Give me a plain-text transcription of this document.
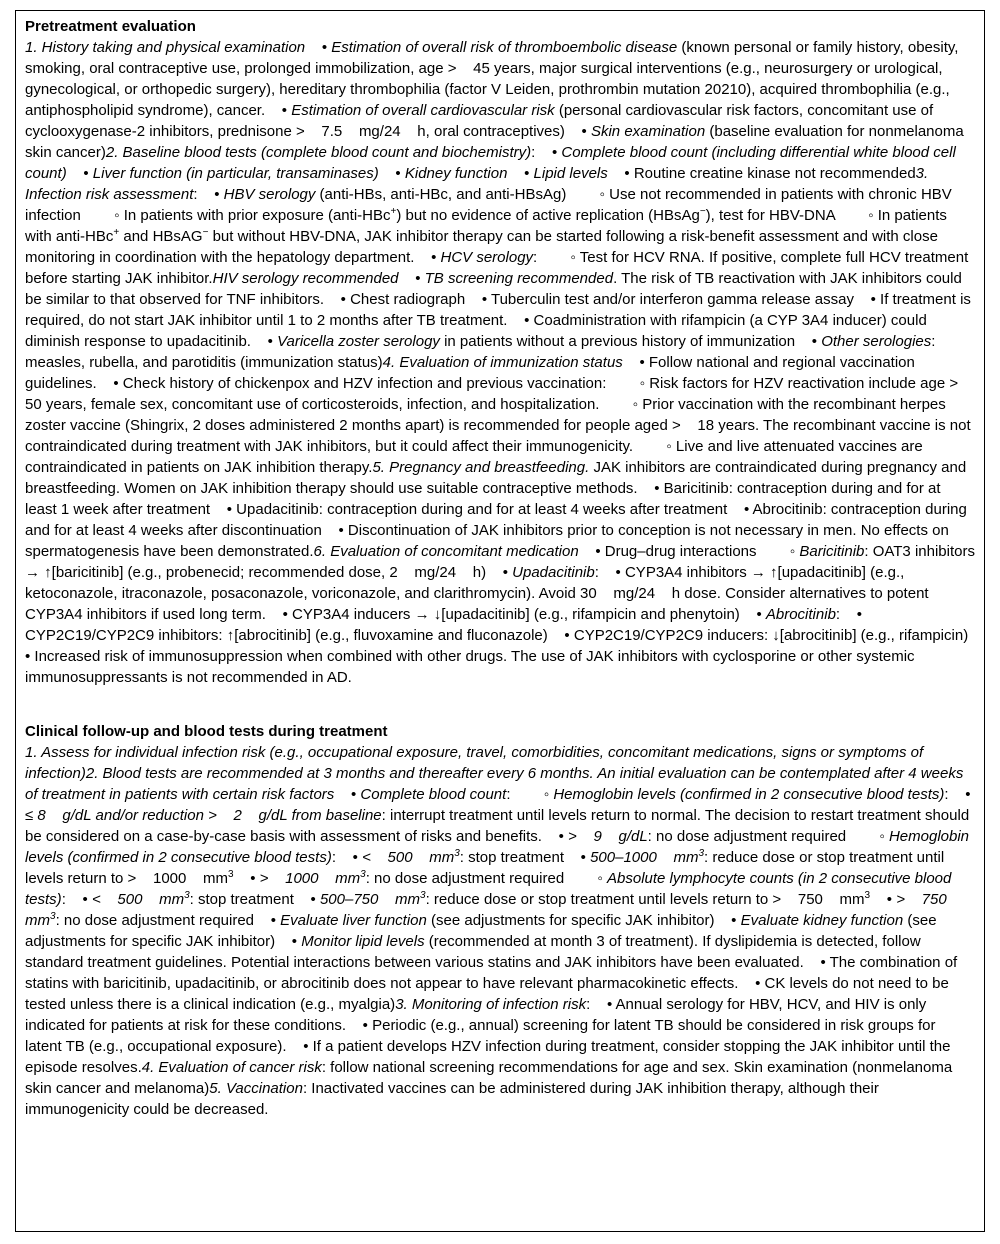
Pretreatment evaluation

1. History taking and physical examination    • Estimation of overall risk of thromboembolic disease (known personal or family history, obesity, smoking, oral contraceptive use, prolonged immobilization, age >    45 years, major surgical interventions (e.g., neurosurgery or urological, gynecological, or orthopedic surgery), hereditary thrombophilia (factor V Leiden, prothrombin mutation 20210), acquired thrombophilia (e.g., antiphospholipid syndrome), cancer.    • Estimation of overall cardiovascular risk (personal cardiovascular risk factors, concomitant use of cyclooxygenase-2 inhibitors, prednisone >    7.5    mg/24    h, oral contraceptives)    • Skin examination (baseline evaluation for nonmelanoma skin cancer)2. Baseline blood tests (complete blood count and biochemistry):    • Complete blood count (including differential white blood cell count)    • Liver function (in particular, transaminases)    • Kidney function    • Lipid levels    • Routine creatine kinase not recommended3. Infection risk assessment:    • HBV serology (anti-HBs, anti-HBc, and anti-HBsAg)        ◦ Use not recommended in patients with chronic HBV infection        ◦ In patients with prior exposure (anti-HBc+) but no evidence of active replication (HBsAg−), test for HBV-DNA        ◦ In patients with anti-HBc+ and HBsAG− but without HBV-DNA, JAK inhibitor therapy can be started following a risk-benefit assessment and with close monitoring in coordination with the hepatology department.    • HCV serology:        ◦ Test for HCV RNA. If positive, complete full HCV treatment before starting JAK inhibitor.HIV serology recommended    • TB screening recommended. The risk of TB reactivation with JAK inhibitors could be similar to that observed for TNF inhibitors.    • Chest radiograph    • Tuberculin test and/or interferon gamma release assay    • If treatment is required, do not start JAK inhibitor until 1 to 2 months after TB treatment.    • Coadministration with rifampicin (a CYP 3A4 inducer) could diminish response to upadacitinib.    • Varicella zoster serology in patients without a previous history of immunization    • Other serologies: measles, rubella, and parotiditis (immunization status)4. Evaluation of immunization status    • Follow national and regional vaccination guidelines.    • Check history of chickenpox and HZV infection and previous vaccination:        ◦ Risk factors for HZV reactivation include age >    50 years, female sex, concomitant use of corticosteroids, infection, and hospitalization.        ◦ Prior vaccination with the recombinant herpes zoster vaccine (Shingrix, 2 doses administered 2 months apart) is recommended for people aged >    18 years. The recombinant vaccine is not contraindicated during treatment with JAK inhibitors, but it could affect their immunogenicity.        ◦ Live and live attenuated vaccines are contraindicated in patients on JAK inhibition therapy.5. Pregnancy and breastfeeding. JAK inhibitors are contraindicated during pregnancy and breastfeeding. Women on JAK inhibition therapy should use suitable contraceptive methods.    • Baricitinib: contraception during and for at least 1 week after treatment    • Upadacitinib: contraception during and for at least 4 weeks after treatment    • Abrocitinib: contraception during and for at least 4 weeks after discontinuation    • Discontinuation of JAK inhibitors prior to conception is not necessary in men. No effects on spermatogenesis have been demonstrated.6. Evaluation of concomitant medication    • Drug–drug interactions        ◦ Baricitinib: OAT3 inhibitors → ↑[baricitinib] (e.g., probenecid; recommended dose, 2    mg/24    h)    • Upadacitinib:    • CYP3A4 inhibitors → ↑[upadacitinib] (e.g., ketoconazole, itraconazole, posaconazole, voriconazole, and clarithromycin). Avoid 30    mg/24    h dose. Consider alternatives to potent CYP3A4 inhibitors if used long term.    • CYP3A4 inducers → ↓[upadacitinib] (e.g., rifampicin and phenytoin)    • Abrocitinib:    • CYP2C19/CYP2C9 inhibitors: ↑[abrocitinib] (e.g., fluvoxamine and fluconazole)    • CYP2C19/CYP2C9 inducers: ↓[abrocitinib] (e.g., rifampicin)    • Increased risk of immunosuppression when combined with other drugs. The use of JAK inhibitors with cyclosporine or other systemic immunosuppressants is not recommended in AD.

Clinical follow-up and blood tests during treatment

1. Assess for individual infection risk (e.g., occupational exposure, travel, comorbidities, concomitant medications, signs or symptoms of infection)2. Blood tests are recommended at 3 months and thereafter every 6 months. An initial evaluation can be contemplated after 4 weeks of treatment in patients with certain risk factors    • Complete blood count:        ◦ Hemoglobin levels (confirmed in 2 consecutive blood tests):    • ≤ 8    g/dL and/or reduction >    2    g/dL from baseline: interrupt treatment until levels return to normal. The decision to restart treatment should be considered on a case-by-case basis with assessment of risks and benefits.    • >    9    g/dL: no dose adjustment required        ◦ Hemoglobin levels (confirmed in 2 consecutive blood tests):    • <    500    $mm^3$: stop treatment    • 500–1000    $mm^3$: reduce dose or stop treatment until levels return to >    1000    $mm^3$    • >    1000    $mm^3$: no dose adjustment required        ◦ Absolute lymphocyte counts (in 2 consecutive blood tests):    • <    500    $mm^3$: stop treatment    • 500–750    $mm^3$: reduce dose or stop treatment until levels return to >    750    $mm^3$    • >    750    $mm^3$: no dose adjustment required    • Evaluate liver function (see adjustments for specific JAK inhibitor)    • Evaluate kidney function (see adjustments for specific JAK inhibitor)    • Monitor lipid levels (recommended at month 3 of treatment). If dyslipidemia is detected, follow standard treatment guidelines. Potential interactions between various statins and JAK inhibitors have been evaluated.    • The combination of statins with baricitinib, upadacitinib, or abrocitinib does not appear to have relevant pharmacokinetic effects.    • CK levels do not need to be tested unless there is a clinical indication (e.g., myalgia)3. Monitoring of infection risk:    • Annual serology for HBV, HCV, and HIV is only indicated for patients at risk for these conditions.    • Periodic (e.g., annual) screening for latent TB should be considered in risk groups for latent TB (e.g., occupational exposure).    • If a patient develops HZV infection during treatment, consider stopping the JAK inhibitor until the episode resolves.4. Evaluation of cancer risk: follow national screening recommendations for age and sex. Skin examination (nonmelanoma skin cancer and melanoma)5. Vaccination: Inactivated vaccines can be administered during JAK inhibition therapy, although their immunogenicity could be decreased.
